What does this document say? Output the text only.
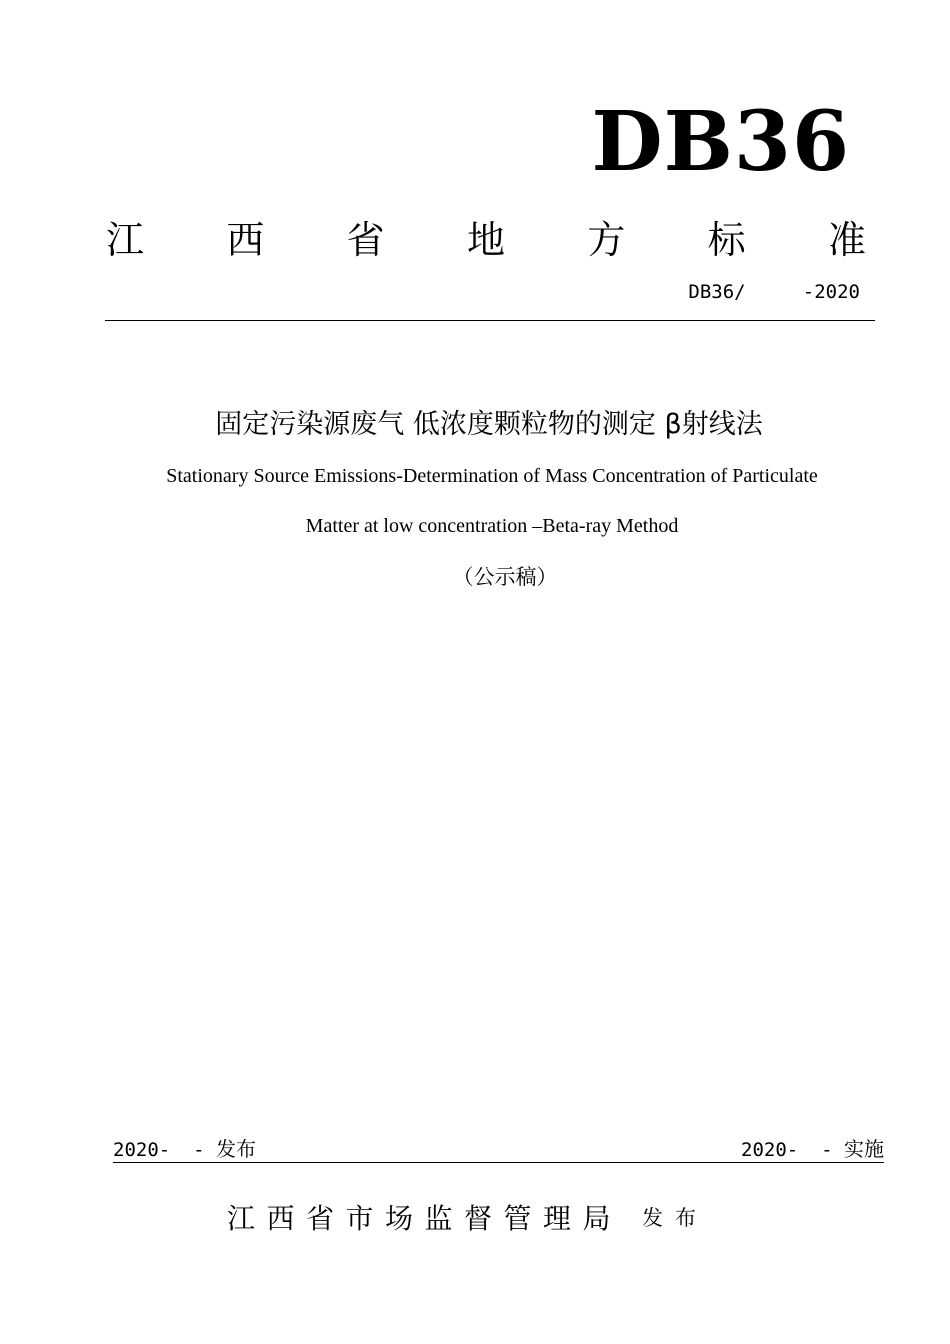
DB36
江 西 省 地 方 标 准
DB36/     -2020
固定污染源废气 低浓度颗粒物的测定 β射线法
Stationary Source Emissions-Determination of Mass Concentration of Particulate
Matter at low concentration –Beta-ray Method
（公示稿）
2020-  - 发布	2020-  - 实施
江西省市场监督管理局 发布
